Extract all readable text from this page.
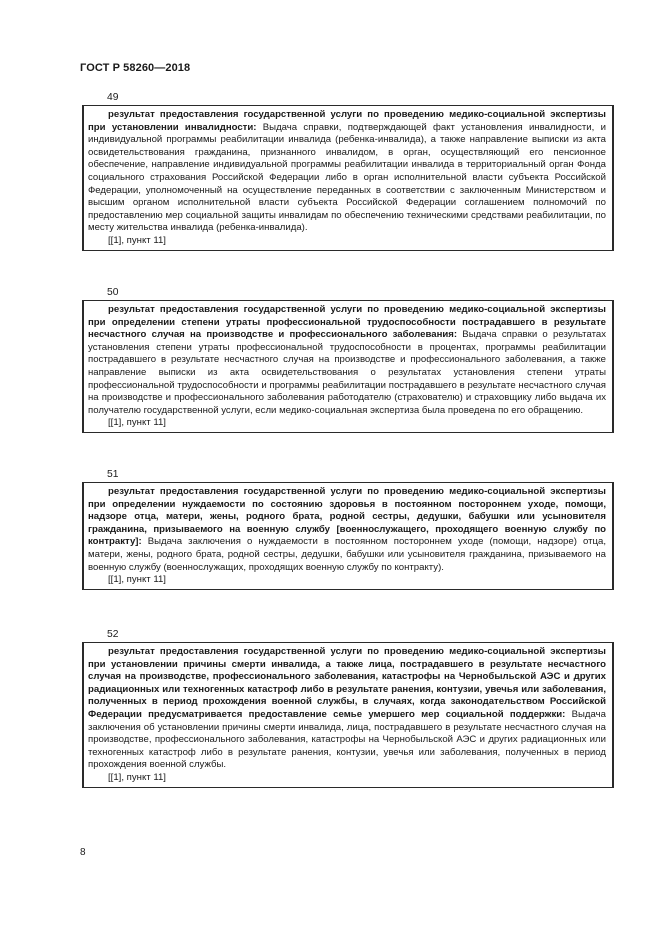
ГОСТ Р 58260—2018
49

результат предоставления государственной услуги по проведению медико-социальной экспертизы при установлении инвалидности: Выдача справки, подтверждающей факт установления инвалидности, и индивидуальной программы реабилитации инвалида (ребенка-инвалида), а также направление выписки из акта освидетельствования гражданина, признанного инвалидом, в орган, осуществляющий его пенсионное обеспечение, направление индивидуальной программы реабилитации инвалида в территориальный орган Фонда социального страхования Российской Федерации либо в орган исполнительной власти субъекта Российской Федерации, уполномоченный на осуществление переданных в соответствии с заключенным Министерством и высшим органом исполнительной власти субъекта Российской Федерации соглашением полномочий по предоставлению мер социальной защиты инвалидам по обеспечению техническими средствами реабилитации, по месту жительства инвалида (ребенка-инвалида).

[[1], пункт 11]

50

результат предоставления государственной услуги по проведению медико-социальной экспертизы при определении степени утраты профессиональной трудоспособности пострадавшего в результате несчастного случая на производстве и профессионального заболевания: Выдача справки о результатах установления степени утраты профессиональной трудоспособности в процентах, программы реабилитации пострадавшего в результате несчастного случая на производстве и профессионального заболевания, а также направление выписки из акта освидетельствования о результатах установления степени утраты профессиональной трудоспособности и программы реабилитации пострадавшего в результате несчастного случая на производстве и профессионального заболевания работодателю (страхователю) и страховщику либо выдача их получателю государственной услуги, если медико-социальная экспертиза была проведена по его обращению.

[[1], пункт 11]

51

результат предоставления государственной услуги по проведению медико-социальной экспертизы при определении нуждаемости по состоянию здоровья в постоянном постороннем уходе, помощи, надзоре отца, матери, жены, родного брата, родной сестры, дедушки, бабушки или усыновителя гражданина, призываемого на военную службу [военнослужащего, проходящего военную службу по контракту]: Выдача заключения о нуждаемости в постоянном постороннем уходе (помощи, надзоре) отца, матери, жены, родного брата, родной сестры, дедушки, бабушки или усыновителя гражданина, призываемого на военную службу (военнослужащих, проходящих военную службу по контракту).

[[1], пункт 11]

52

результат предоставления государственной услуги по проведению медико-социальной экспертизы при установлении причины смерти инвалида, а также лица, пострадавшего в результате несчастного случая на производстве, профессионального заболевания, катастрофы на Чернобыльской АЭС и других радиационных или техногенных катастроф либо в результате ранения, контузии, увечья или заболевания, полученных в период прохождения военной службы, в случаях, когда законодательством Российской Федерации предусматривается предоставление семье умершего мер социальной поддержки: Выдача заключения об установлении причины смерти инвалида, лица, пострадавшего в результате несчастного случая на производстве, профессионального заболевания, катастрофы на Чернобыльской АЭС и других радиационных или техногенных катастроф либо в результате ранения, контузии, увечья или заболевания, полученных в период прохождения военной службы.

[[1], пункт 11]

8
